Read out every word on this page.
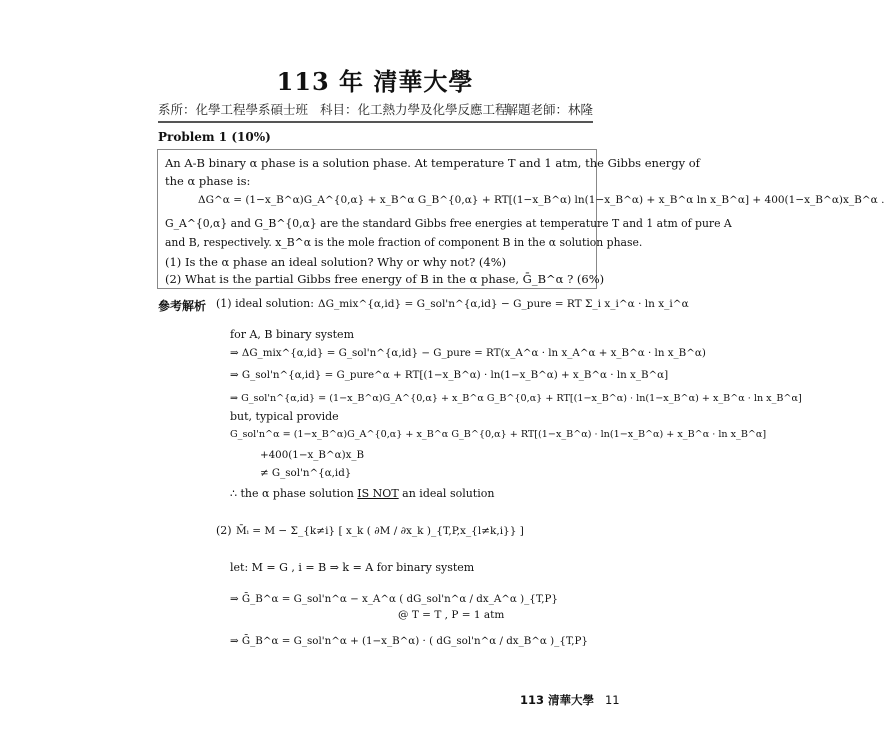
113 年 清華大學
系所：化學工程學系碩士班 科目：化工熱力學及化學反應工程
解題老師：林隆
Problem 1 (10%)
An A-B binary α phase is a solution phase. At temperature T and 1 atm, the Gibbs energy of
the α phase is:
ΔG^α = (1−x_B^α)G_A^{0,α} + x_B^α G_B^{0,α} + RT[(1−x_B^α) ln(1−x_B^α) + x_B^α ln x_B^α] + 400(1−x_B^α)x_B^α .
G_A^{0,α} and G_B^{0,α} are the standard Gibbs free energies at temperature T and 1 atm of pure A
and B, respectively. x_B^α is the mole fraction of component B in the α solution phase.
(1) Is the α phase an ideal solution? Why or why not? (4%)
(2) What is the partial Gibbs free energy of B in the α phase, Ḡ_B^α ? (6%)
參考解析 (1) ideal solution: ΔG_mix^{α,id} = G_sol'n^{α,id} − G_pure = RT Σ_i x_i^α · ln x_i^α
for A, B binary system
⇒ ΔG_mix^{α,id} = G_sol'n^{α,id} − G_pure = RT(x_A^α · ln x_A^α + x_B^α · ln x_B^α)
⇒ G_sol'n^{α,id} = G_pure^α + RT[(1−x_B^α) · ln(1−x_B^α) + x_B^α · ln x_B^α]
⇒ G_sol'n^{α,id} = (1−x_B^α)G_A^{0,α} + x_B^α G_B^{0,α} + RT[(1−x_B^α) · ln(1−x_B^α) + x_B^α · ln x_B^α]
but, typical provide
G_sol'n^α = (1−x_B^α)G_A^{0,α} + x_B^α G_B^{0,α} + RT[(1−x_B^α) · ln(1−x_B^α) + x_B^α · ln x_B^α]
+400(1−x_B^α)x_B
≠ G_sol'n^{α,id}
∴ the α phase solution IS NOT an ideal solution
(2) M̄ᵢ = M − Σ_{k≠i} [ x_k ( ∂M / ∂x_k )_{T,P,x_{l≠k,i}} ]
let: M = G , i = B ⇒ k = A for binary system
⇒ Ḡ_B^α = G_sol'n^α − x_A^α ( dG_sol'n^α / dx_A^α )_{T,P}
@ T = T , P = 1 atm
⇒ Ḡ_B^α = G_sol'n^α + (1−x_B^α) · ( dG_sol'n^α / dx_B^α )_{T,P}
113 清華大學 11
